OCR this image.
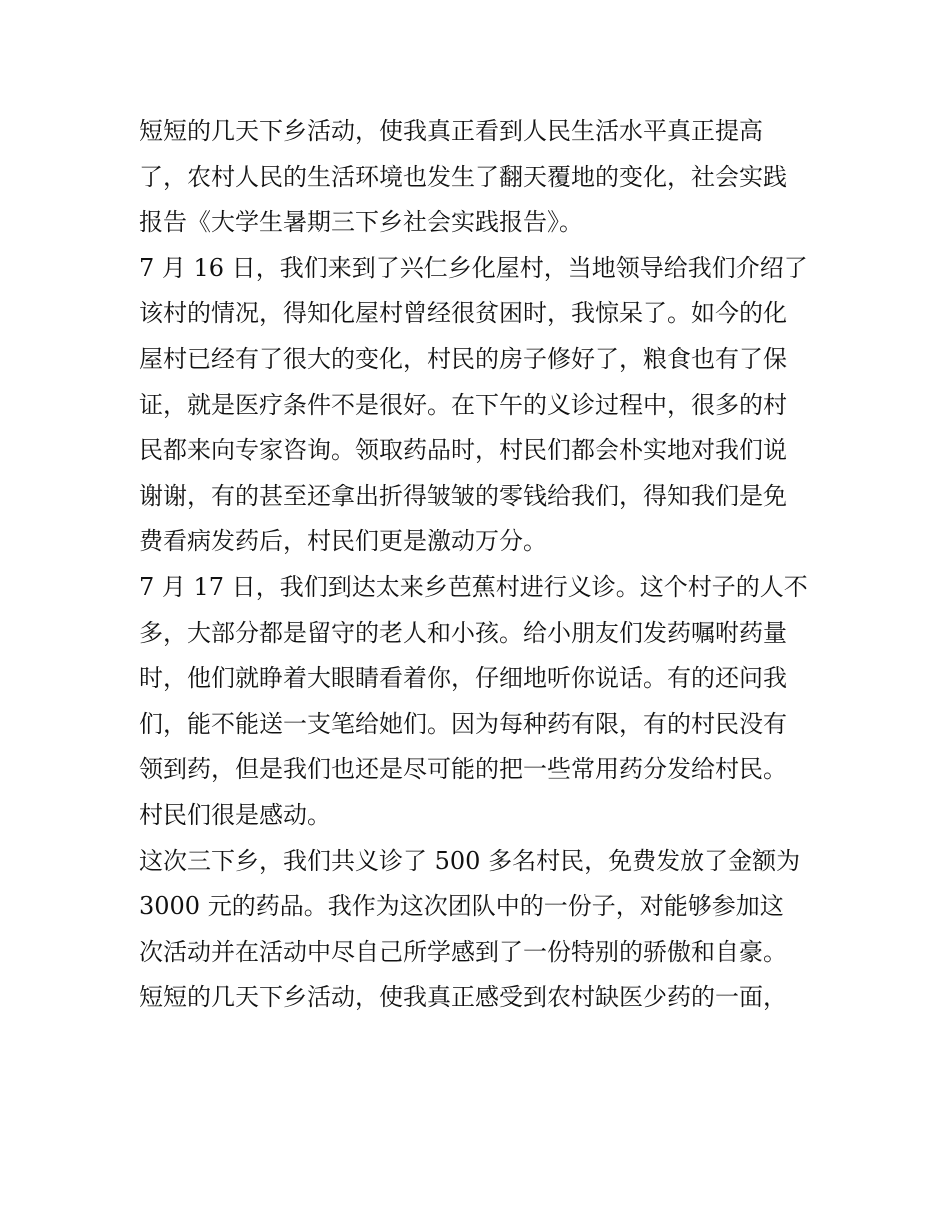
短短的几天下乡活动，使我真正看到人民生活水平真正提高
了，农村人民的生活环境也发生了翻天覆地的变化，社会实践
报告《大学生暑期三下乡社会实践报告》。
7 月 16 日，我们来到了兴仁乡化屋村，当地领导给我们介绍了
该村的情况，得知化屋村曾经很贫困时，我惊呆了。如今的化
屋村已经有了很大的变化，村民的房子修好了，粮食也有了保
证，就是医疗条件不是很好。在下午的义诊过程中，很多的村
民都来向专家咨询。领取药品时，村民们都会朴实地对我们说
谢谢，有的甚至还拿出折得皱皱的零钱给我们，得知我们是免
费看病发药后，村民们更是激动万分。
7 月 17 日，我们到达太来乡芭蕉村进行义诊。这个村子的人不
多，大部分都是留守的老人和小孩。给小朋友们发药嘱咐药量
时，他们就睁着大眼睛看着你，仔细地听你说话。有的还问我
们，能不能送一支笔给她们。因为每种药有限，有的村民没有
领到药，但是我们也还是尽可能的把一些常用药分发给村民。
村民们很是感动。
这次三下乡，我们共义诊了 500 多名村民，免费发放了金额为
3000 元的药品。我作为这次团队中的一份子，对能够参加这
次活动并在活动中尽自己所学感到了一份特别的骄傲和自豪。
短短的几天下乡活动，使我真正感受到农村缺医少药的一面，
